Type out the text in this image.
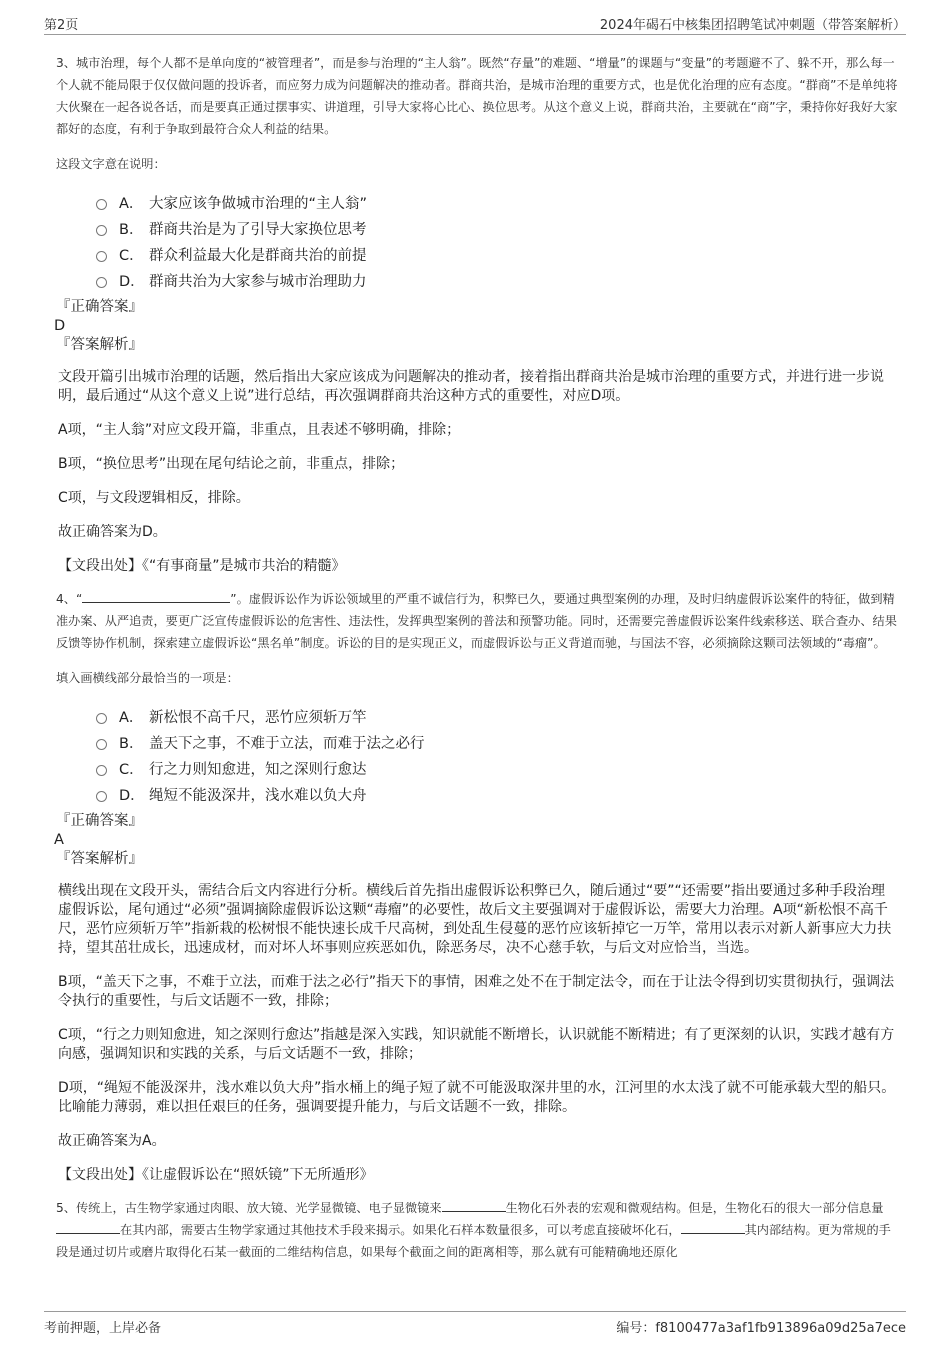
第2页	2024年碣石中核集团招聘笔试冲刺题（带答案解析）

3、城市治理，每个人都不是单向度的“被管理者”，而是参与治理的“主人翁”。既然“存量”的难题、“增量”的课题与“变量”的考题避不了、躲不开，那么每一个人就不能局限于仅仅做问题的投诉者，而应努力成为问题解决的推动者。群商共治，是城市治理的重要方式，也是优化治理的应有态度。“群商”不是单纯将大伙聚在一起各说各话，而是要真正通过摆事实、讲道理，引导大家将心比心、换位思考。从这个意义上说，群商共治，主要就在“商”字，秉持你好我好大家都好的态度，有利于争取到最符合众人利益的结果。

这段文字意在说明：

A． 大家应该争做城市治理的“主人翁”
B． 群商共治是为了引导大家换位思考
C． 群众利益最大化是群商共治的前提
D． 群商共治为大家参与城市治理助力

『正确答案』

D

『答案解析』

文段开篇引出城市治理的话题，然后指出大家应该成为问题解决的推动者，接着指出群商共治是城市治理的重要方式，并进行进一步说明，最后通过“从这个意义上说”进行总结，再次强调群商共治这种方式的重要性，对应D项。

A项，“主人翁”对应文段开篇，非重点，且表述不够明确，排除；

B项，“换位思考”出现在尾句结论之前，非重点，排除；

C项，与文段逻辑相反，排除。

故正确答案为D。

【文段出处】《“有事商量”是城市共治的精髓》

4、“	”。虚假诉讼作为诉讼领域里的严重不诚信行为，积弊已久，要通过典型案例的办理，及时归纳虚假诉讼案件的特征，做到精准办案、从严追责，要更广泛宣传虚假诉讼的危害性、违法性，发挥典型案例的普法和预警功能。同时，还需要完善虚假诉讼案件线索移送、联合查办、结果反馈等协作机制，探索建立虚假诉讼“黑名单”制度。诉讼的目的是实现正义，而虚假诉讼与正义背道而驰，与国法不容，必须摘除这颗司法领域的“毒瘤”。

填入画横线部分最恰当的一项是：

A． 新松恨不高千尺，恶竹应须斩万竿
B． 盖天下之事，不难于立法，而难于法之必行
C． 行之力则知愈进，知之深则行愈达
D． 绳短不能汲深井，浅水难以负大舟

『正确答案』

A

『答案解析』

横线出现在文段开头，需结合后文内容进行分析。横线后首先指出虚假诉讼积弊已久，随后通过“要”“还需要”指出要通过多种手段治理虚假诉讼，尾句通过“必须”强调摘除虚假诉讼这颗“毒瘤”的必要性，故后文主要强调对于虚假诉讼，需要大力治理。A项“新松恨不高千尺，恶竹应须斩万竿”指新栽的松树恨不能快速长成千尺高树，到处乱生侵蔓的恶竹应该斩掉它一万竿，常用以表示对新人新事应大力扶持，望其茁壮成长，迅速成材，而对坏人坏事则应疾恶如仇，除恶务尽，决不心慈手软，与后文对应恰当，当选。

B项，“盖天下之事，不难于立法，而难于法之必行”指天下的事情，困难之处不在于制定法令，而在于让法令得到切实贯彻执行，强调法令执行的重要性，与后文话题不一致，排除；

C项，“行之力则知愈进，知之深则行愈达”指越是深入实践，知识就能不断增长，认识就能不断精进；有了更深刻的认识，实践才越有方向感，强调知识和实践的关系，与后文话题不一致，排除；

D项，“绳短不能汲深井，浅水难以负大舟”指水桶上的绳子短了就不可能汲取深井里的水，江河里的水太浅了就不可能承载大型的船只。比喻能力薄弱，难以担任艰巨的任务，强调要提升能力，与后文话题不一致，排除。

故正确答案为A。

【文段出处】《让虚假诉讼在“照妖镜”下无所遁形》

5、传统上，古生物学家通过肉眼、放大镜、光学显微镜、电子显微镜来	生物化石外表的宏观和微观结构。但是，生物化石的很大一部分信息量在其内部，需要古生物学家通过其他技术手段来揭示。如果化石样本数量很多，可以考虑直接破坏化石，	其内部结构。更为常规的手段是通过切片或磨片取得化石某一截面的二维结构信息，如果每个截面之间的距离相等，那么就有可能精确地还原化

考前押题，上岸必备	编号：f8100477a3af1fb913896a09d25a7ece
